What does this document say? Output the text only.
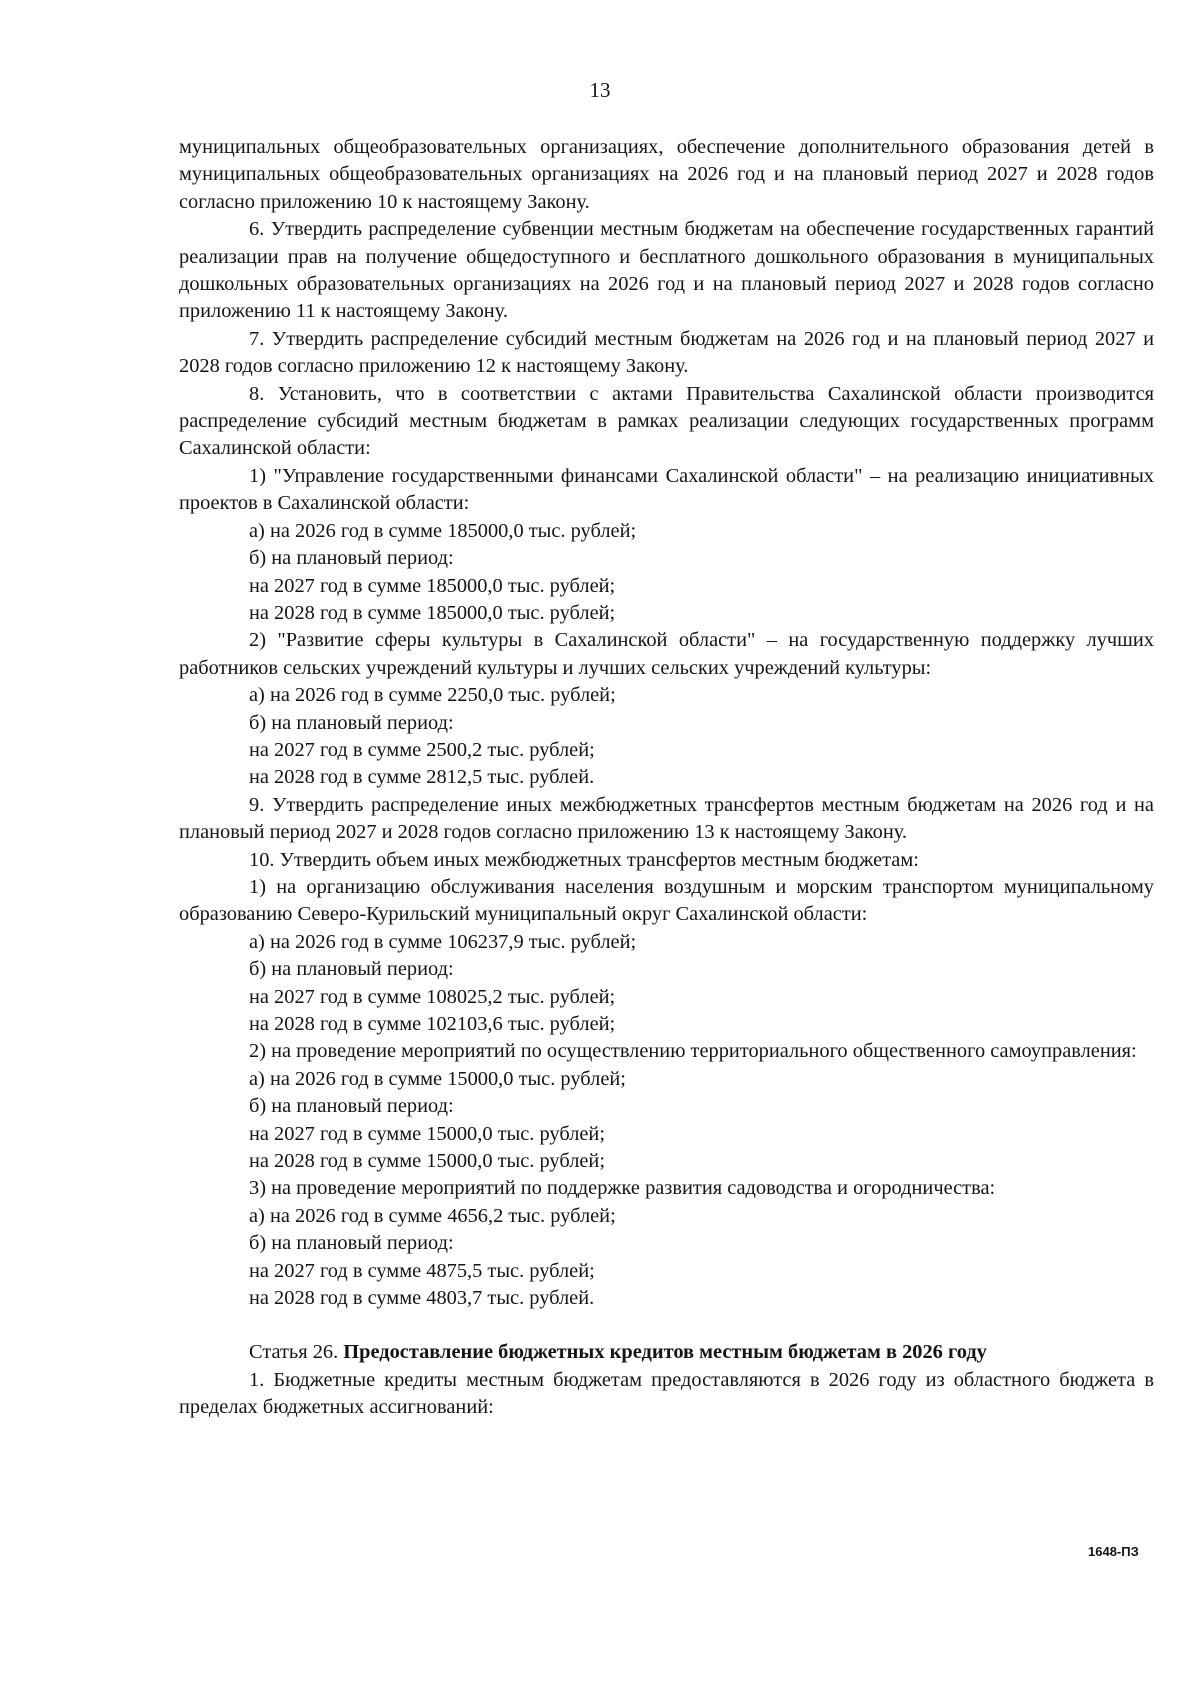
13

муниципальных общеобразовательных организациях, обеспечение дополнительного образования детей в муниципальных общеобразовательных организациях на 2026 год и на плановый период 2027 и 2028 годов согласно приложению 10 к настоящему Закону.

6. Утвердить распределение субвенции местным бюджетам на обеспечение государственных гарантий реализации прав на получение общедоступного и бесплатного дошкольного образования в муниципальных дошкольных образовательных организациях на 2026 год и на плановый период 2027 и 2028 годов согласно приложению 11 к настоящему Закону.

7. Утвердить распределение субсидий местным бюджетам на 2026 год и на плановый период 2027 и 2028 годов согласно приложению 12 к настоящему Закону.

8. Установить, что в соответствии с актами Правительства Сахалинской области производится распределение субсидий местным бюджетам в рамках реализации следующих государственных программ Сахалинской области:

1) "Управление государственными финансами Сахалинской области" – на реализацию инициативных проектов в Сахалинской области:

а) на 2026 год в сумме 185000,0 тыс. рублей;

б) на плановый период:

на 2027 год в сумме 185000,0 тыс. рублей;

на 2028 год в сумме 185000,0 тыс. рублей;

2) "Развитие сферы культуры в Сахалинской области" – на государственную поддержку лучших работников сельских учреждений культуры и лучших сельских учреждений культуры:

а) на 2026 год в сумме 2250,0 тыс. рублей;

б) на плановый период:

на 2027 год в сумме 2500,2 тыс. рублей;

на 2028 год в сумме 2812,5 тыс. рублей.

9. Утвердить распределение иных межбюджетных трансфертов местным бюджетам на 2026 год и на плановый период 2027 и 2028 годов согласно приложению 13 к настоящему Закону.

10. Утвердить объем иных межбюджетных трансфертов местным бюджетам:

1) на организацию обслуживания населения воздушным и морским транспортом муниципальному образованию Северо-Курильский муниципальный округ Сахалинской области:

а) на 2026 год в сумме 106237,9 тыс. рублей;

б) на плановый период:

на 2027 год в сумме 108025,2 тыс. рублей;

на 2028 год в сумме 102103,6 тыс. рублей;

2) на проведение мероприятий по осуществлению территориального общественного самоуправления:

а) на 2026 год в сумме 15000,0 тыс. рублей;

б) на плановый период:

на 2027 год в сумме 15000,0 тыс. рублей;

на 2028 год в сумме 15000,0 тыс. рублей;

3) на проведение мероприятий по поддержке развития садоводства и огородничества:

а) на 2026 год в сумме 4656,2 тыс. рублей;

б) на плановый период:

на 2027 год в сумме 4875,5 тыс. рублей;

на 2028 год в сумме 4803,7 тыс. рублей.

Статья 26. Предоставление бюджетных кредитов местным бюджетам в 2026 году

1. Бюджетные кредиты местным бюджетам предоставляются в 2026 году из областного бюджета в пределах бюджетных ассигнований:

1648-ПЗ
